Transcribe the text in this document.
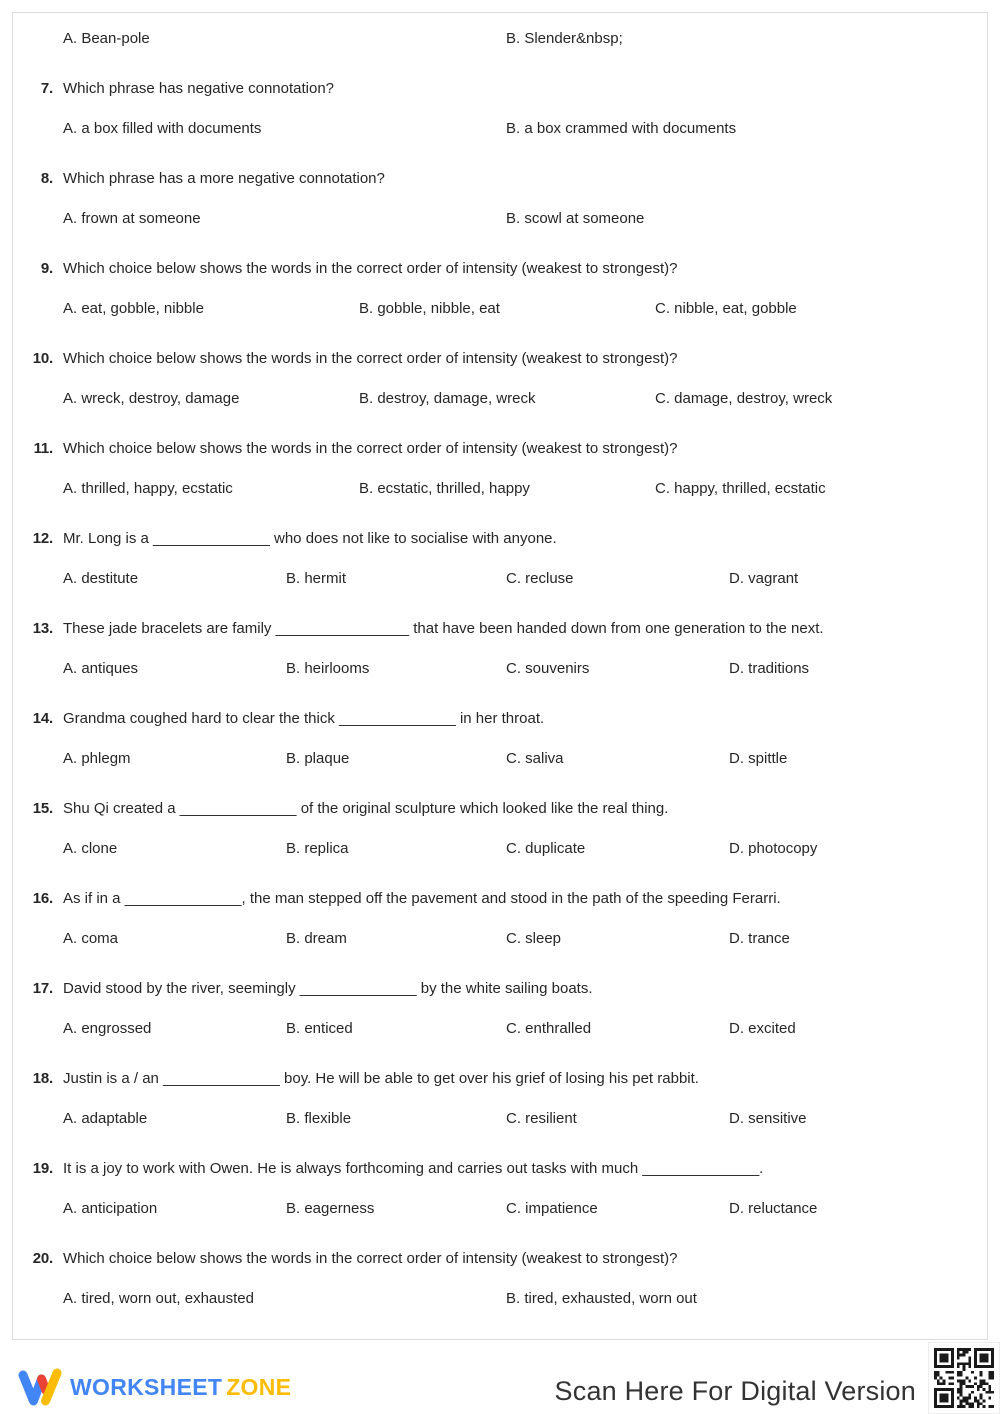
A. Bean-pole	B. Slender&nbsp;
7. Which phrase has negative connotation?
A. a box filled with documents	B. a box crammed with documents
8. Which phrase has a more negative connotation?
A. frown at someone	B. scowl at someone
9. Which choice below shows the words in the correct order of intensity (weakest to strongest)?
A. eat, gobble, nibble	B. gobble, nibble, eat	C. nibble, eat, gobble
10. Which choice below shows the words in the correct order of intensity (weakest to strongest)?
A. wreck, destroy, damage	B. destroy, damage, wreck	C. damage, destroy, wreck
11. Which choice below shows the words in the correct order of intensity (weakest to strongest)?
A. thrilled, happy, ecstatic	B. ecstatic, thrilled, happy	C. happy, thrilled, ecstatic
12. Mr. Long is a ______________ who does not like to socialise with anyone.
A. destitute	B. hermit	C. recluse	D. vagrant
13. These jade bracelets are family ________________ that have been handed down from one generation to the next.
A. antiques	B. heirlooms	C. souvenirs	D. traditions
14. Grandma coughed hard to clear the thick ______________ in her throat.
A. phlegm	B. plaque	C. saliva	D. spittle
15. Shu Qi created a ______________ of the original sculpture which looked like the real thing.
A. clone	B. replica	C. duplicate	D. photocopy
16. As if in a ______________, the man stepped off the pavement and stood in the path of the speeding Ferarri.
A. coma	B. dream	C. sleep	D. trance
17. David stood by the river, seemingly ______________ by the white sailing boats.
A. engrossed	B. enticed	C. enthralled	D. excited
18. Justin is a / an ______________ boy. He will be able to get over his grief of losing his pet rabbit.
A. adaptable	B. flexible	C. resilient	D. sensitive
19. It is a joy to work with Owen. He is always forthcoming and carries out tasks with much ______________.
A. anticipation	B. eagerness	C. impatience	D. reluctance
20. Which choice below shows the words in the correct order of intensity (weakest to strongest)?
A. tired, worn out, exhausted	B. tired, exhausted, worn out
WORKSHEET ZONE	Scan Here For Digital Version
